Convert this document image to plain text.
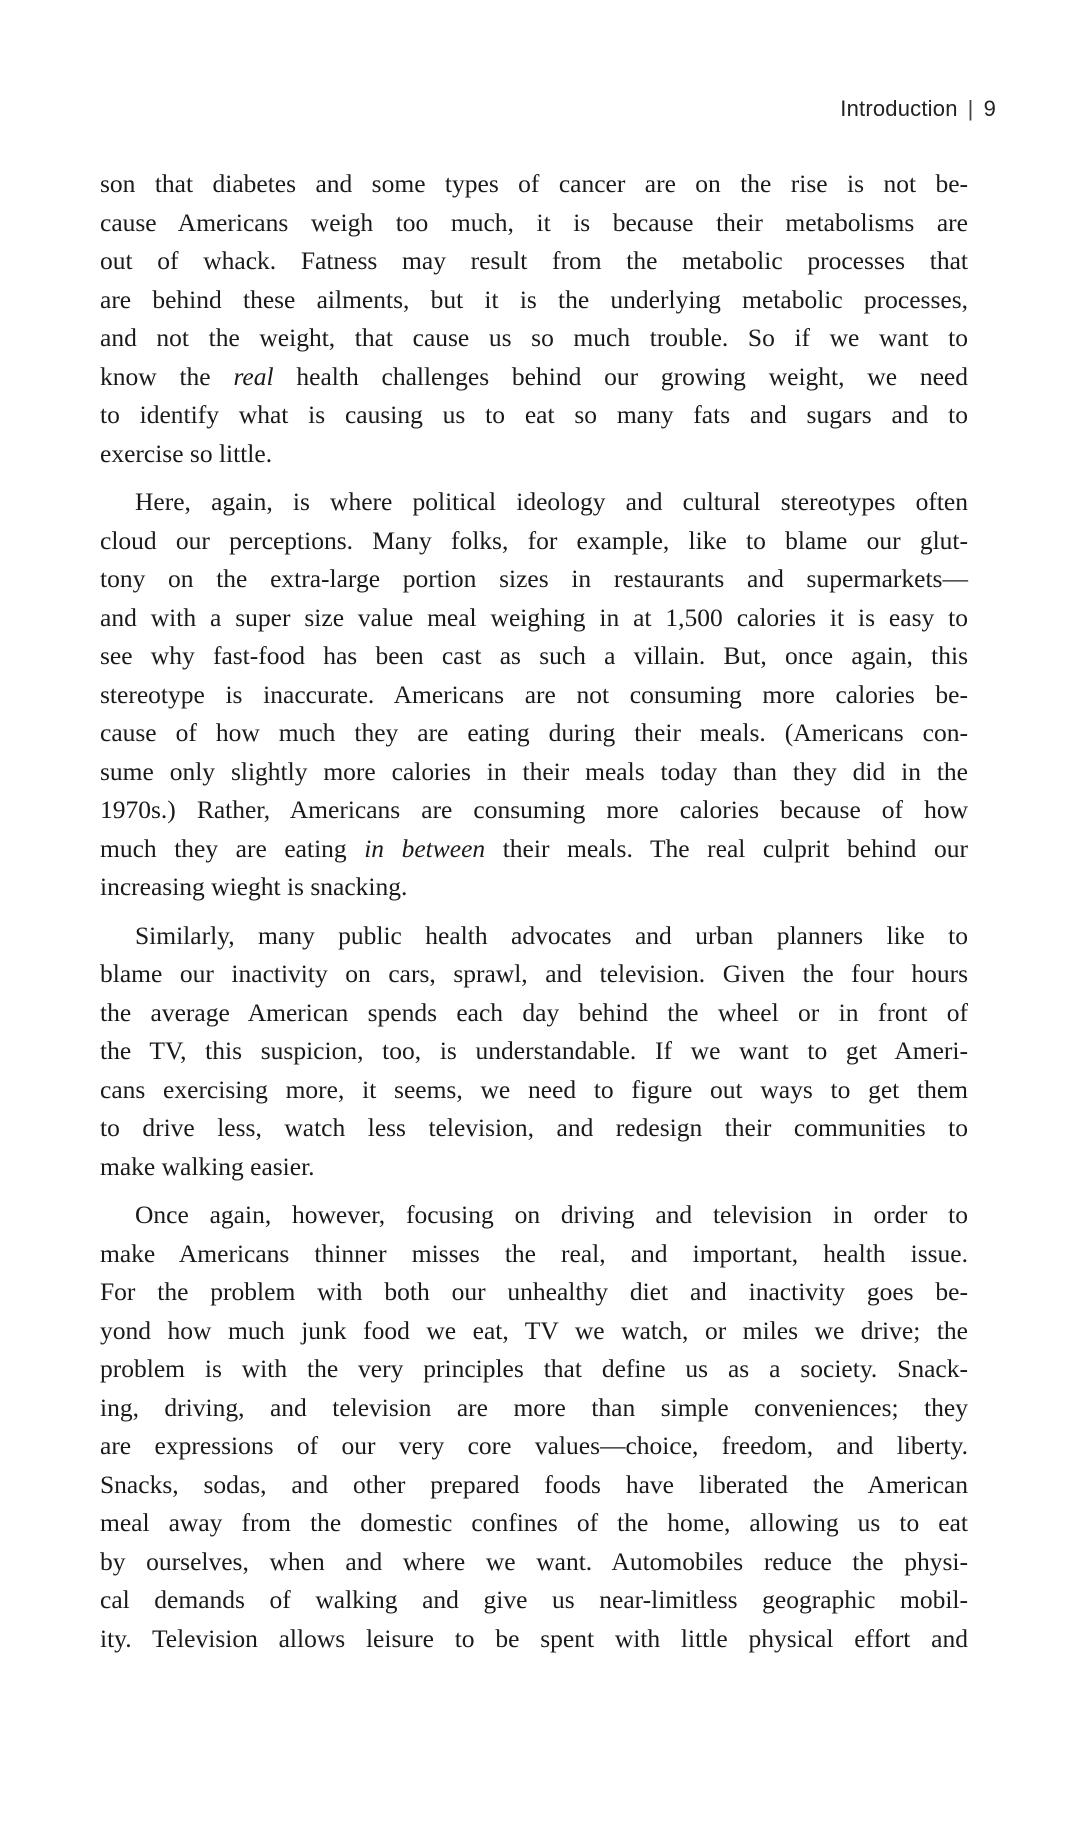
Introduction | 9

son that diabetes and some types of cancer are on the rise is not be-
cause Americans weigh too much, it is because their metabolisms are
out of whack. Fatness may result from the metabolic processes that
are behind these ailments, but it is the underlying metabolic processes,
and not the weight, that cause us so much trouble. So if we want to
know the real health challenges behind our growing weight, we need
to identify what is causing us to eat so many fats and sugars and to
exercise so little.

Here, again, is where political ideology and cultural stereotypes often
cloud our perceptions. Many folks, for example, like to blame our glut-
tony on the extra-large portion sizes in restaurants and supermarkets—
and with a super size value meal weighing in at 1,500 calories it is easy to
see why fast-food has been cast as such a villain. But, once again, this
stereotype is inaccurate. Americans are not consuming more calories be-
cause of how much they are eating during their meals. (Americans con-
sume only slightly more calories in their meals today than they did in the
1970s.) Rather, Americans are consuming more calories because of how
much they are eating in between their meals. The real culprit behind our
increasing wieght is snacking.

Similarly, many public health advocates and urban planners like to
blame our inactivity on cars, sprawl, and television. Given the four hours
the average American spends each day behind the wheel or in front of
the TV, this suspicion, too, is understandable. If we want to get Ameri-
cans exercising more, it seems, we need to figure out ways to get them
to drive less, watch less television, and redesign their communities to
make walking easier.

Once again, however, focusing on driving and television in order to
make Americans thinner misses the real, and important, health issue.
For the problem with both our unhealthy diet and inactivity goes be-
yond how much junk food we eat, TV we watch, or miles we drive; the
problem is with the very principles that define us as a society. Snack-
ing, driving, and television are more than simple conveniences; they
are expressions of our very core values—choice, freedom, and liberty.
Snacks, sodas, and other prepared foods have liberated the American
meal away from the domestic confines of the home, allowing us to eat
by ourselves, when and where we want. Automobiles reduce the physi-
cal demands of walking and give us near-limitless geographic mobil-
ity. Television allows leisure to be spent with little physical effort and
